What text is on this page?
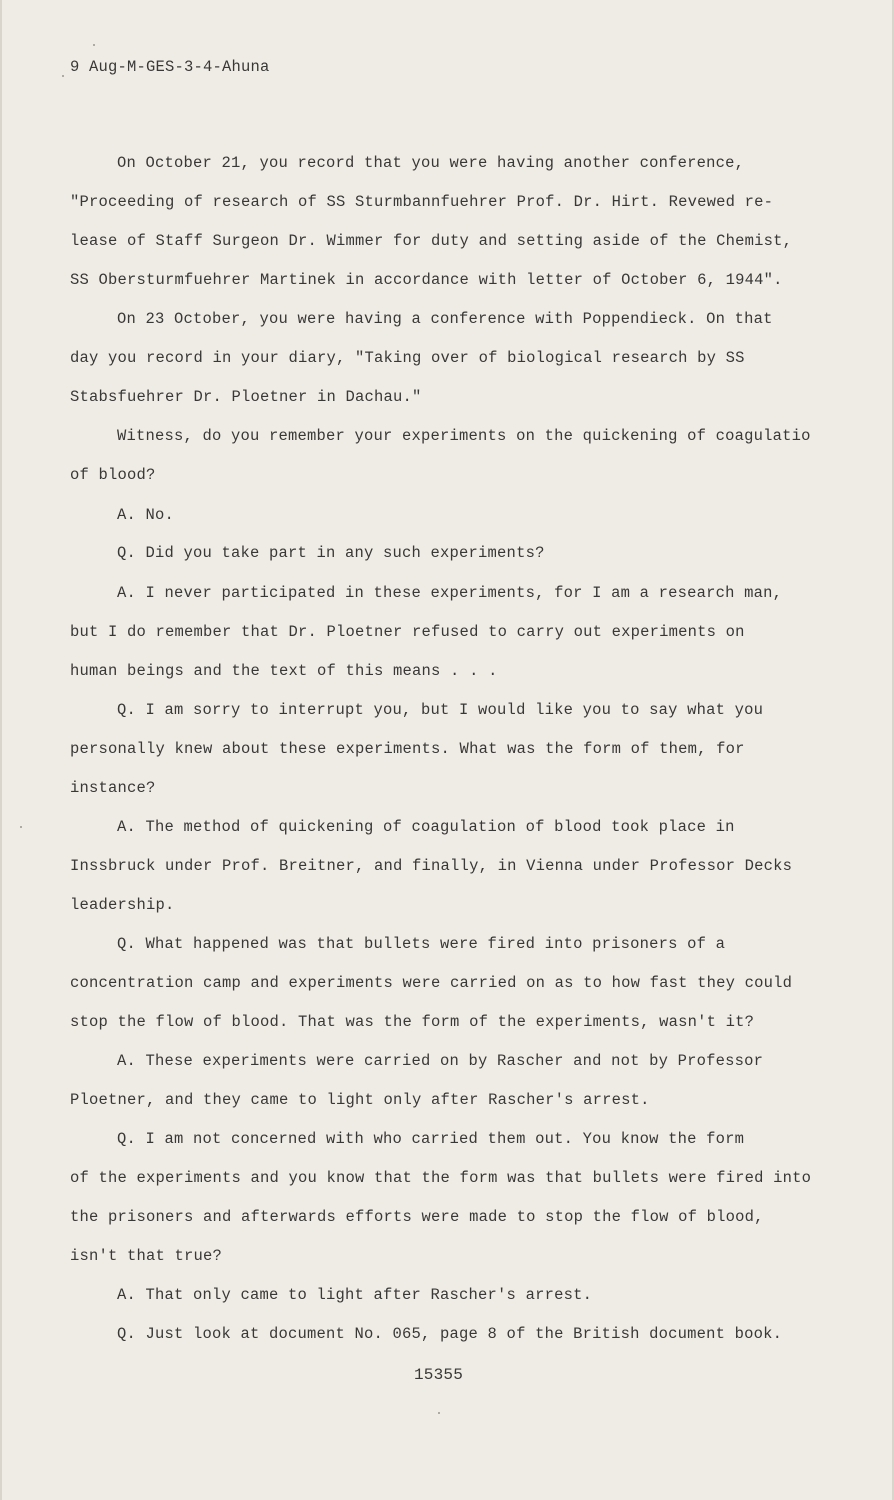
9 Aug-M-GES-3-4-Ahuna
On October 21, you record that you were having another conference,
"Proceeding of research of SS Sturmbannfuehrer Prof. Dr. Hirt. Revewed re-
lease of Staff Surgeon Dr. Wimmer for duty and setting aside of the Chemist,
SS Obersturmfuehrer Martinek in accordance with letter of October 6, 1944".
On 23 October, you were having a conference with Poppendieck. On that
day you record in your diary, "Taking over of biological research by SS
Stabsfuehrer Dr. Ploetner in Dachau."
Witness, do you remember your experiments on the quickening of coagulatio
of blood?
A. No.
Q. Did you take part in any such experiments?
A. I never participated in these experiments, for I am a research man,
but I do remember that Dr. Ploetner refused to carry out experiments on
human beings and the text of this means . . .
Q. I am sorry to interrupt you, but I would like you to say what you
personally knew about these experiments. What was the form of them, for
instance?
A. The method of quickening of coagulation of blood took place in
Inssbruck under Prof. Breitner, and finally, in Vienna under Professor Decks
leadership.
Q. What happened was that bullets were fired into prisoners of a
concentration camp and experiments were carried on as to how fast they could
stop the flow of blood. That was the form of the experiments, wasn't it?
A. These experiments were carried on by Rascher and not by Professor
Ploetner, and they came to light only after Rascher's arrest.
Q. I am not concerned with who carried them out. You know the form
of the experiments and you know that the form was that bullets were fired into
the prisoners and afterwards efforts were made to stop the flow of blood,
isn't that true?
A. That only came to light after Rascher's arrest.
Q. Just look at document No. 065, page 8 of the British document book.
15355
